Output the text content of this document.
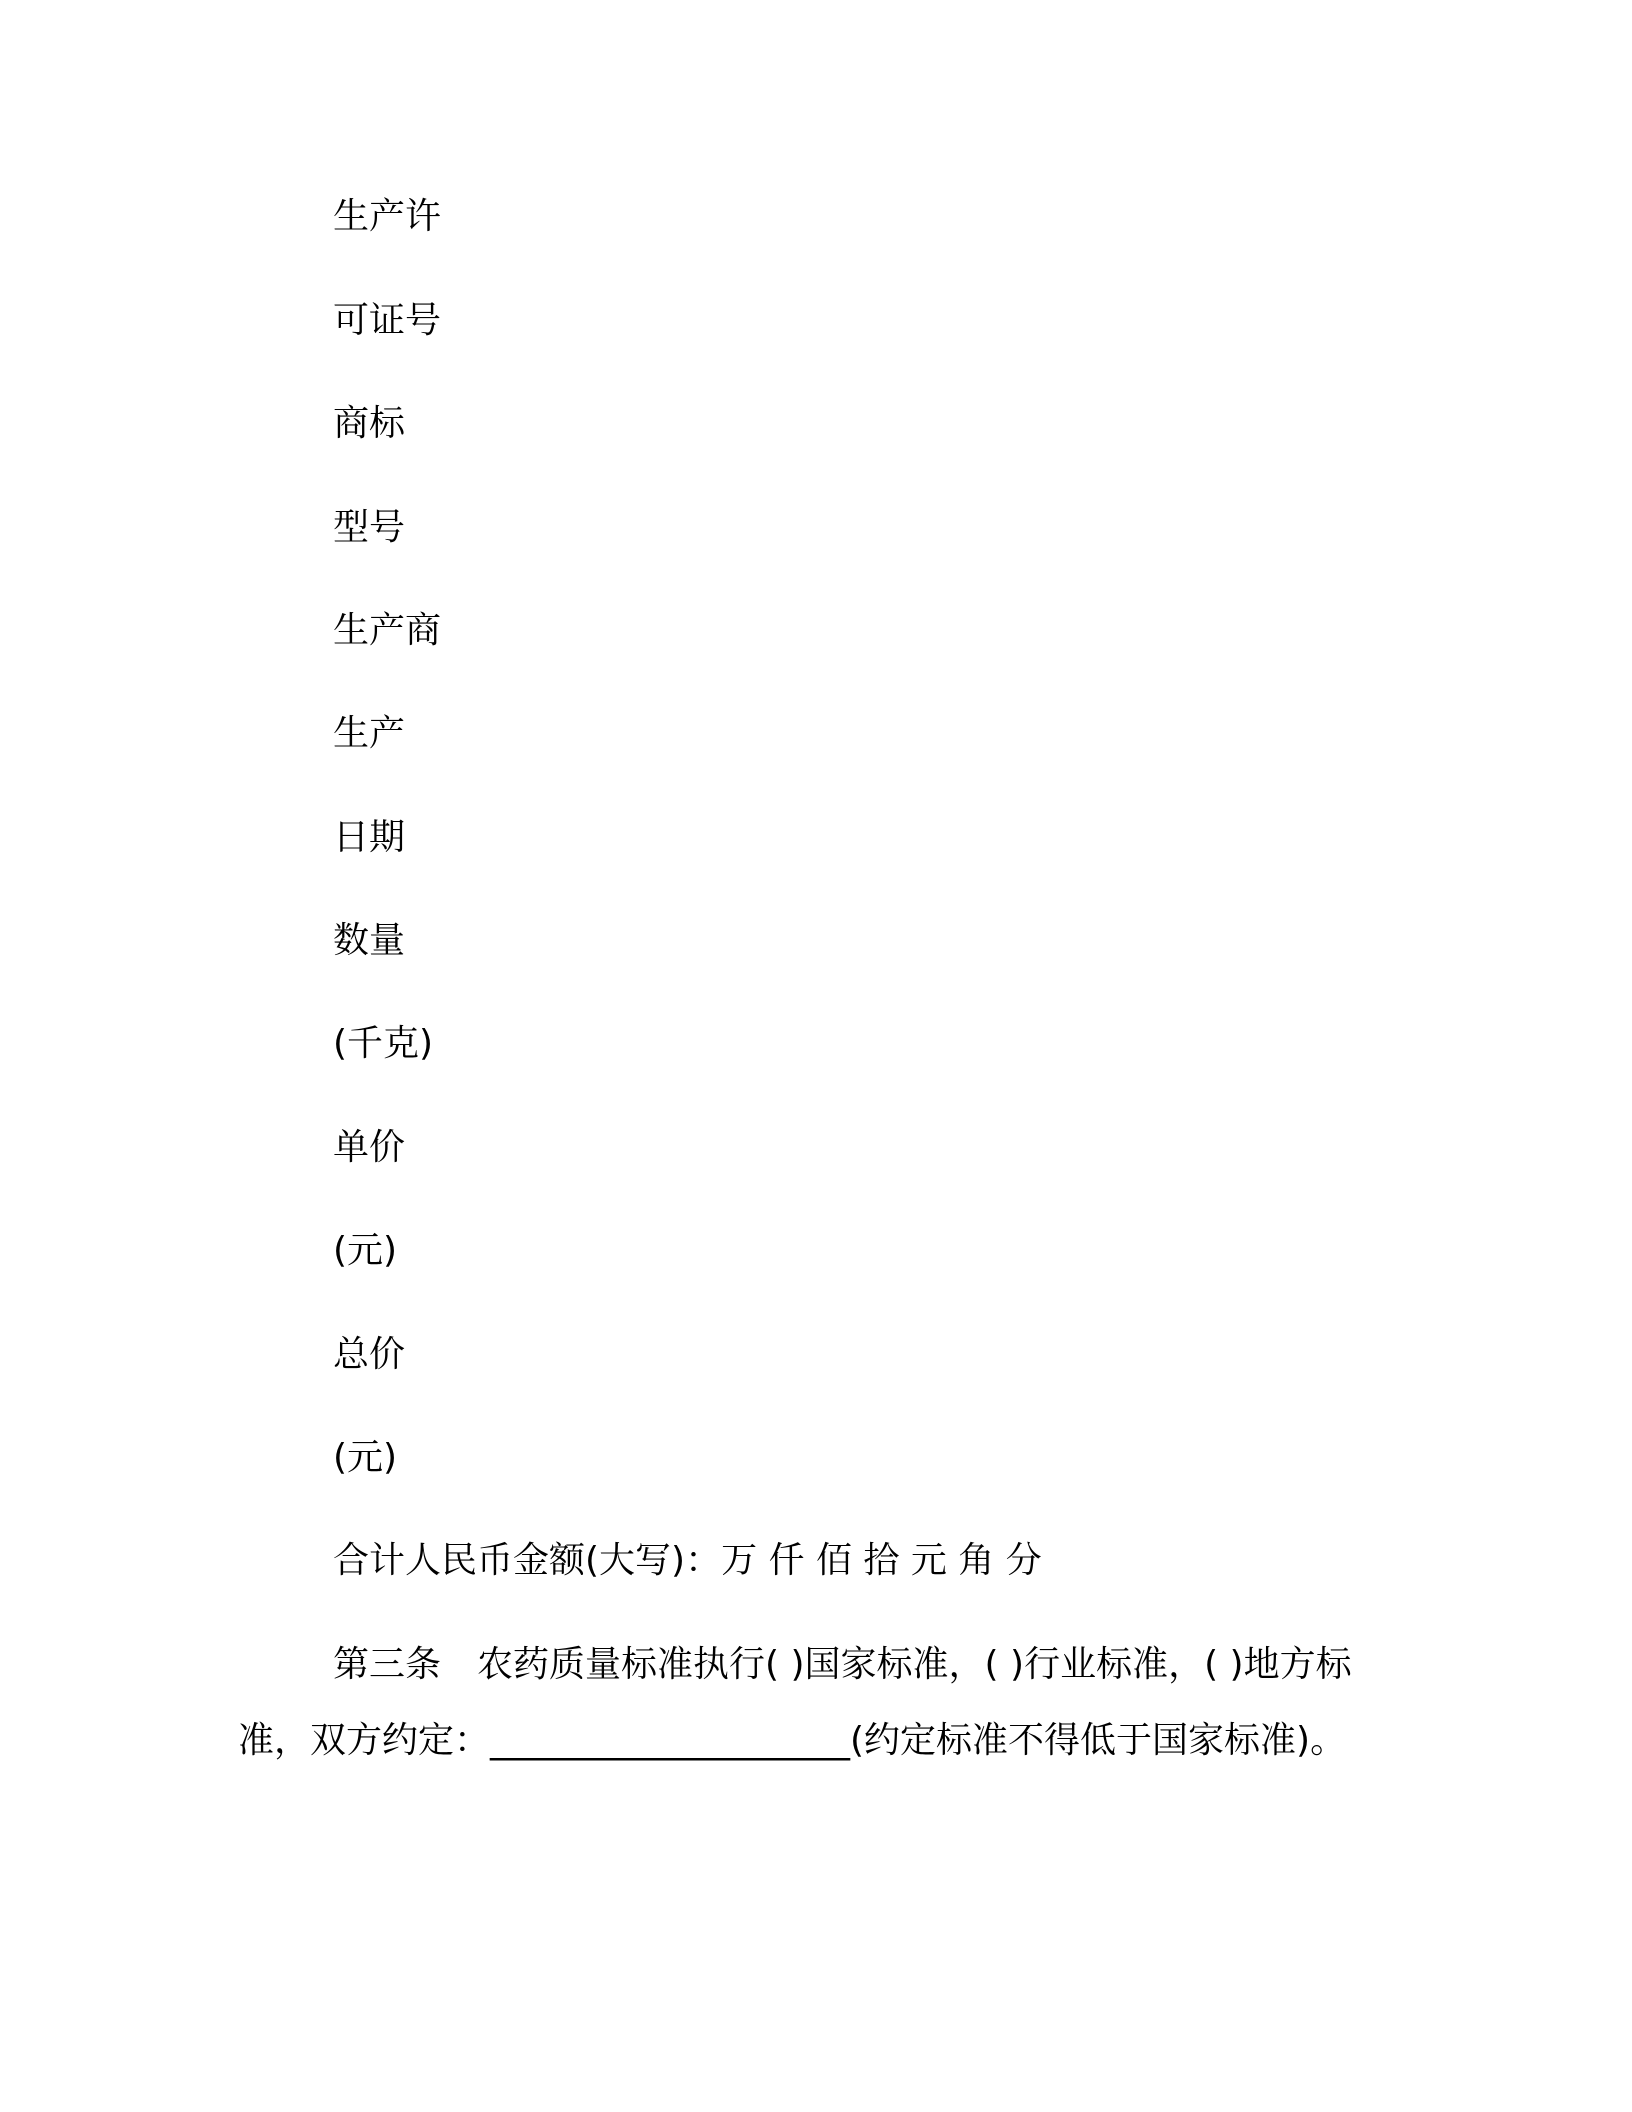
生产许
可证号
商标
型号
生产商
生产
日期
数量
(千克)
单价
(元)
总价
(元)
合计人民币金额(大写)：万 仟 佰 拾 元 角 分
第三条　农药质量标准执行( )国家标准，( )行业标准，( )地方标
准，双方约定：____________________(约定标准不得低于国家标准)。
